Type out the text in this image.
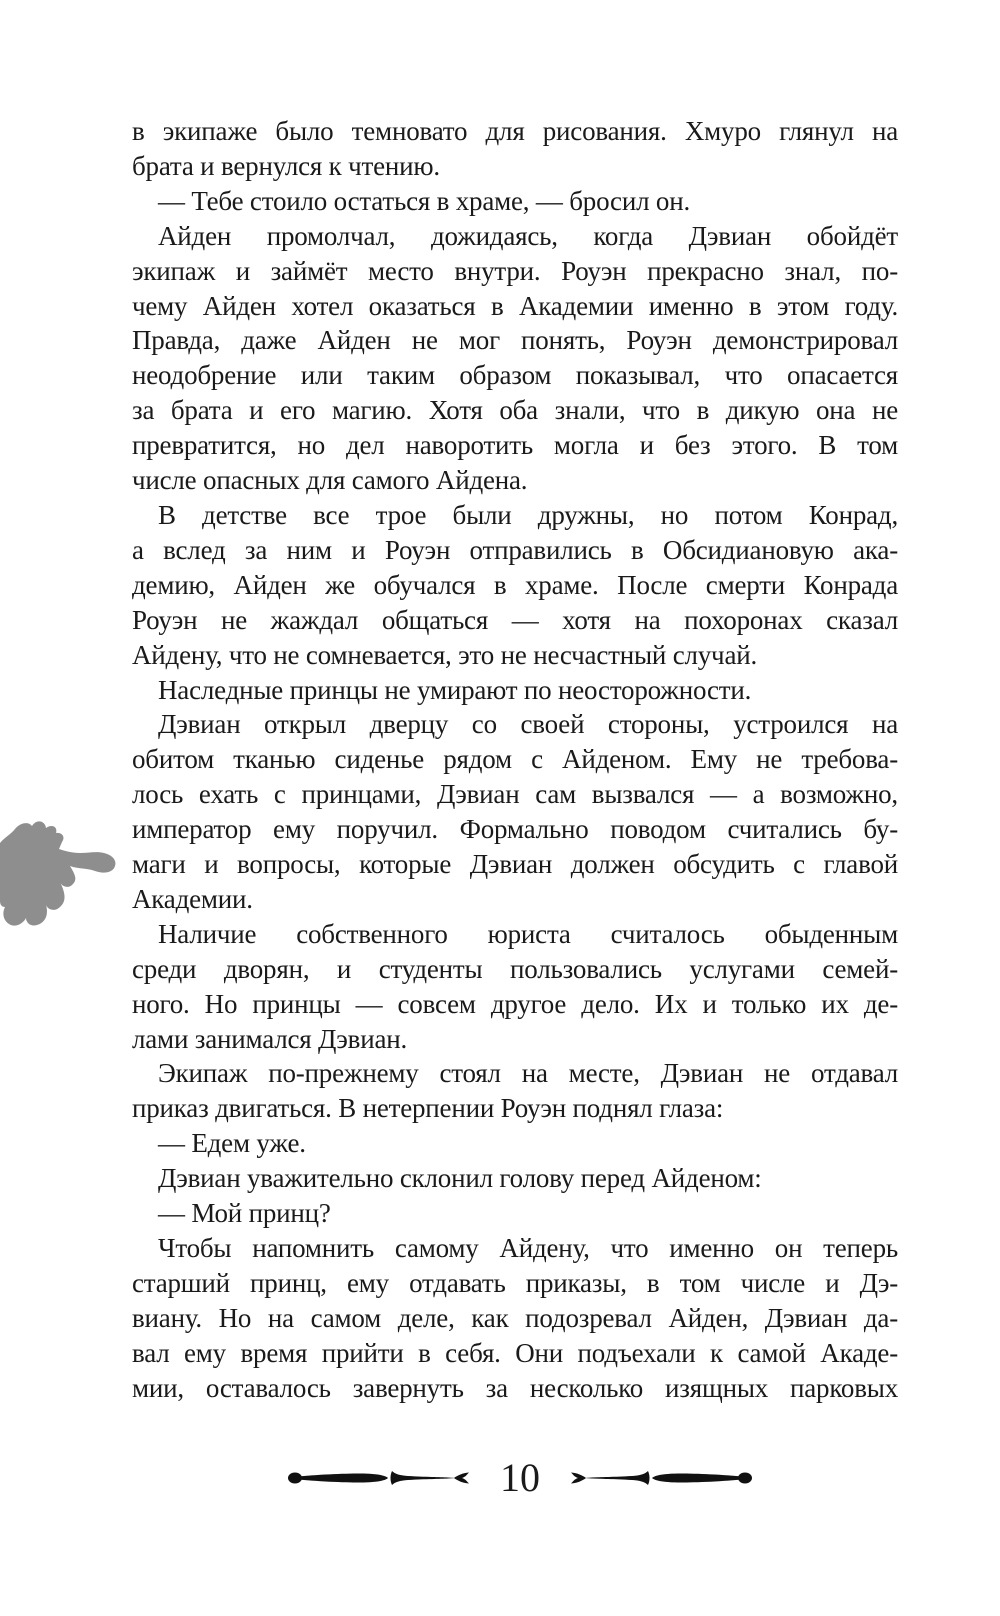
в экипаже было темновато для рисования. Хмуро глянул на
брата и вернулся к чтению.
— Тебе стоило остаться в храме, — бросил он.
Айден промолчал, дожидаясь, когда Дэвиан обойдёт
экипаж и займёт место внутри. Роуэн прекрасно знал, по-
чему Айден хотел оказаться в Академии именно в этом году.
Правда, даже Айден не мог понять, Роуэн демонстрировал
неодобрение или таким образом показывал, что опасается
за брата и его магию. Хотя оба знали, что в дикую она не
превратится, но дел наворотить могла и без этого. В том
числе опасных для самого Айдена.
В детстве все трое были дружны, но потом Конрад,
а вслед за ним и Роуэн отправились в Обсидиановую ака-
демию, Айден же обучался в храме. После смерти Конрада
Роуэн не жаждал общаться — хотя на похоронах сказал
Айдену, что не сомневается, это не несчастный случай.
Наследные принцы не умирают по неосторожности.
Дэвиан открыл дверцу со своей стороны, устроился на
обитом тканью сиденье рядом с Айденом. Ему не требова-
лось ехать с принцами, Дэвиан сам вызвался — а возможно,
император ему поручил. Формально поводом считались бу-
маги и вопросы, которые Дэвиан должен обсудить с главой
Академии.
Наличие собственного юриста считалось обыденным
среди дворян, и студенты пользовались услугами семей-
ного. Но принцы — совсем другое дело. Их и только их де-
лами занимался Дэвиан.
Экипаж по-прежнему стоял на месте, Дэвиан не отдавал
приказ двигаться. В нетерпении Роуэн поднял глаза:
— Едем уже.
Дэвиан уважительно склонил голову перед Айденом:
— Мой принц?
Чтобы напомнить самому Айдену, что именно он теперь
старший принц, ему отдавать приказы, в том числе и Дэ-
виану. Но на самом деле, как подозревал Айден, Дэвиан да-
вал ему время прийти в себя. Они подъехали к самой Акаде-
мии, оставалось завернуть за несколько изящных парковых
10
